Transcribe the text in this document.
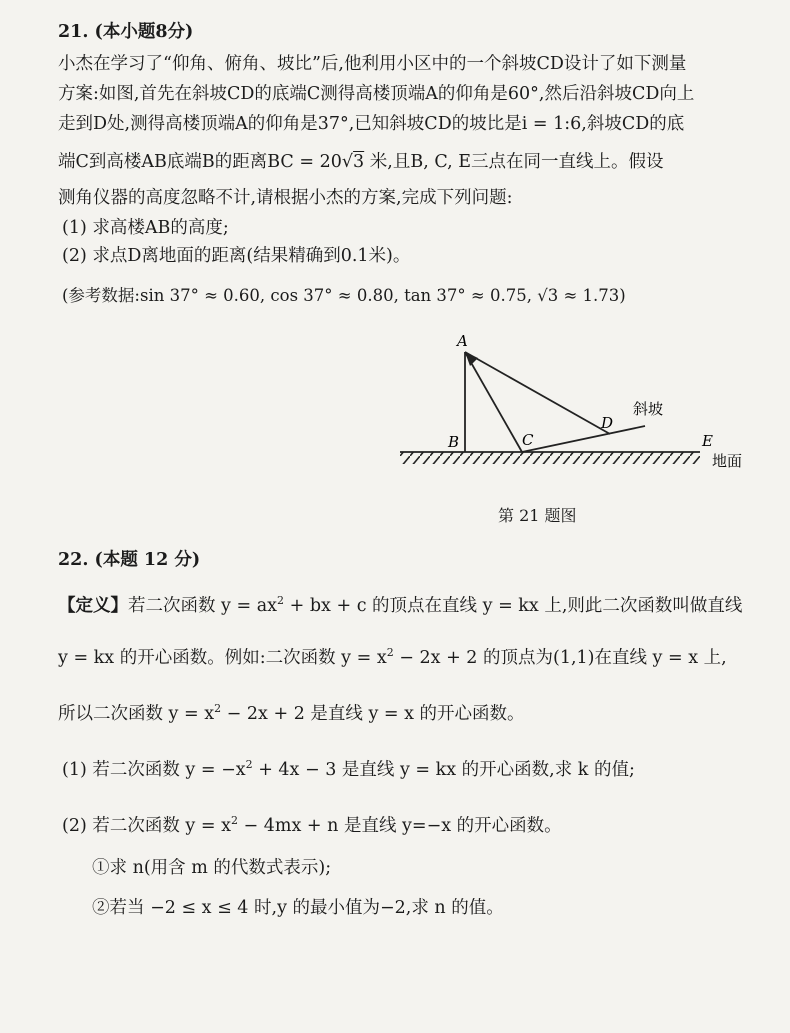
21. (本小题8分)
小杰在学习了“仰角、俯角、坡比”后,他利用小区中的一个斜坡CD设计了如下测量
方案:如图,首先在斜坡CD的底端C测得高楼顶端A的仰角是60°,然后沿斜坡CD向上
走到D处,测得高楼顶端A的仰角是37°,已知斜坡CD的坡比是i = 1:6,斜坡CD的底
端C到高楼AB底端B的距离BC = 20√3 米,且B, C, E三点在同一直线上。假设
测角仪器的高度忽略不计,请根据小杰的方案,完成下列问题:
(1) 求高楼AB的高度;
(2) 求点D离地面的距离(结果精确到0.1米)。
(参考数据:sin 37° ≈ 0.60, cos 37° ≈ 0.80, tan 37° ≈ 0.75, √3 ≈ 1.73)
A
B	C
D
E
斜坡
地面
第 21 题图
22. (本题 12 分)
【定义】若二次函数 $y = ax^2$ + bx + c 的顶点在直线 y = kx 上,则此二次函数叫做直线
y = kx 的开心函数。例如:二次函数 $y = x^2 - 2x + 2$ 的顶点为(1,1)在直线 y = x 上,
所以二次函数 $y = x^2 - 2x + 2$ 是直线 y = x 的开心函数。
(1) 若二次函数 $y = -x^2 + 4x - 3$ 是直线 y = kx 的开心函数,求 k 的值;
(2) 若二次函数 $y = x^2 - 4mx + n$ 是直线 y=−x 的开心函数。
①求 n(用含 m 的代数式表示);
②若当 −2 ≤ x ≤ 4 时,y 的最小值为−2,求 n 的值。
